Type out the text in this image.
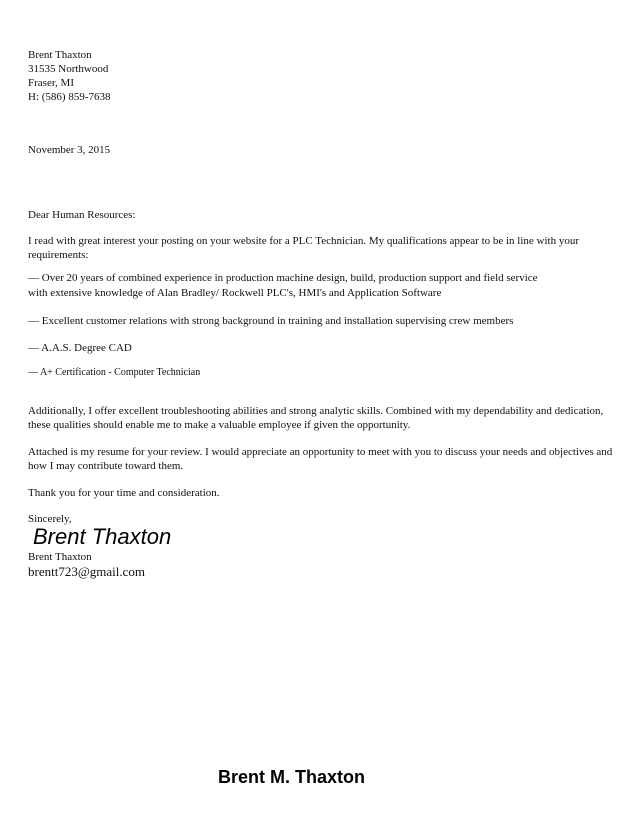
Brent Thaxton
31535 Northwood
Fraser, MI
H: (586) 859-7638
November 3, 2015
Dear Human Resources:
I read with great interest your posting on your website for a PLC Technician. My qualifications appear to be in line with your requirements:
— Over 20 years of combined experience in production machine design, build, production support and field service
with extensive knowledge of Alan Bradley/ Rockwell PLC's, HMI's and Application Software
— Excellent customer relations with strong background in training and installation supervising crew members
— A.A.S. Degree CAD
— A+ Certification - Computer Technician
Additionally, I offer excellent troubleshooting abilities and strong analytic skills. Combined with my dependability and dedication, these qualities should enable me to make a valuable employee if given the opportunity.
Attached is my resume for your review. I would appreciate an opportunity to meet with you to discuss your needs and objectives and how I may contribute toward them.
Thank you for your time and consideration.
Sincerely,
Brent Thaxton
Brent Thaxton
brentt723@gmail.com
Brent M. Thaxton
